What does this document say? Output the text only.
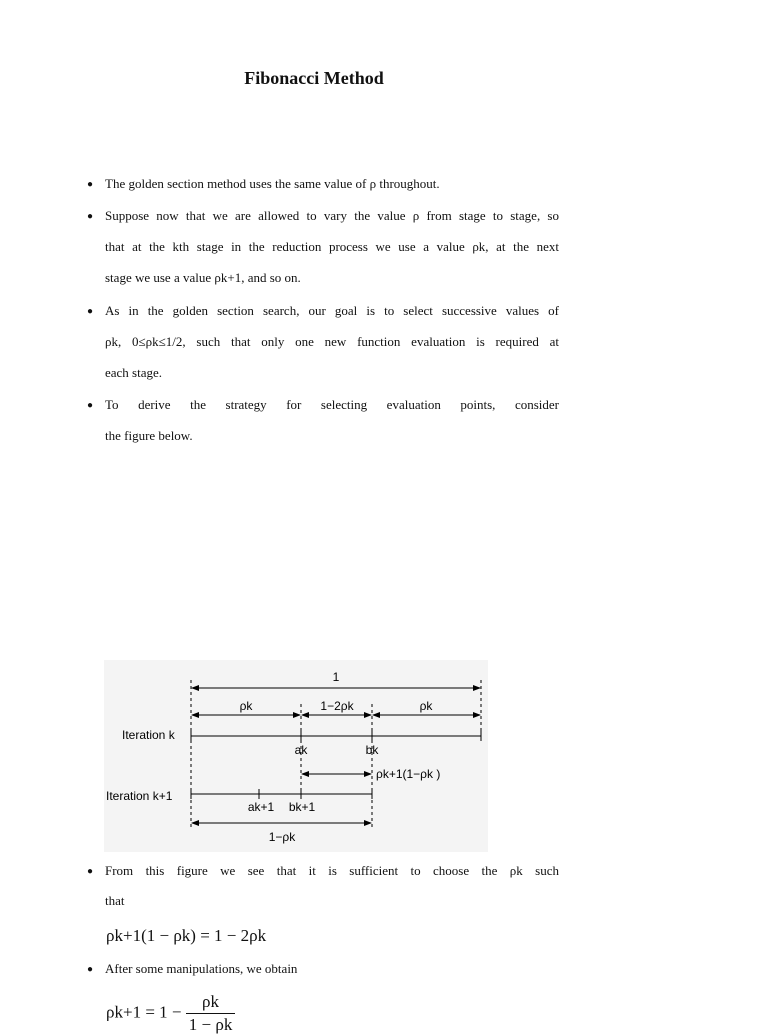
Fibonacci Method
● The golden section method uses the same value of ρ throughout.
● Suppose now that we are allowed to vary the value ρ from stage to stage, so
that at the kth stage in the reduction process we use a value ρk, at the next
stage we use a value ρk+1, and so on.
● As in the golden section search, our goal is to select successive values of
ρk, 0≤ρk≤1/2, such that only one new function evaluation is required at
each stage.
● To derive the strategy for selecting evaluation points, consider
the figure below.
1
ρk	1−2ρk	ρk
Iteration k
ak	bk
ρk+1(1−ρk )
Iteration k+1
ak+1 bk+1
1−ρk
● From this figure we see that it is sufficient to choose the ρk such
that
ρk+1(1 − ρk) = 1 − 2ρk
● After some manipulations, we obtain
$\rho k+1 = 1 - \frac{\rho k}{1 - \rho k}$
